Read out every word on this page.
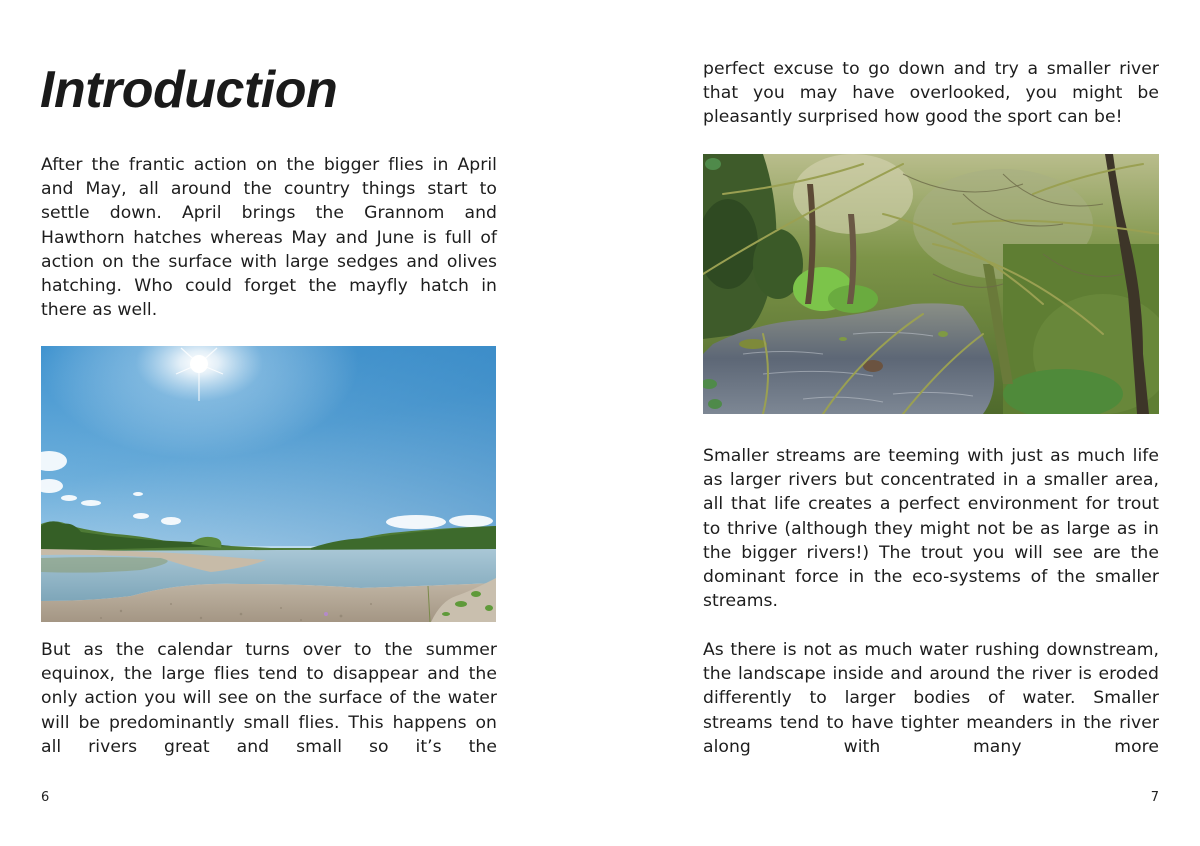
Introduction

After the frantic action on the bigger flies in April and May, all around the country things start to settle down. April brings the Grannom and Hawthorn hatches whereas May and June is full of action on the surface with large sedges and olives hatching. Who could forget the mayfly hatch in there as well.

But as the calendar turns over to the summer equinox, the large flies tend to disappear and the only action you will see on the surface of the water will be predominantly small flies. This happens on all rivers great and small so it’s the

6

perfect excuse to go down and try a smaller river that you may have overlooked, you might be pleasantly surprised how good the sport can be!

Smaller streams are teeming with just as much life as larger rivers but concentrated in a smaller area, all that life creates a perfect environment for trout to thrive (although they might not be as large as in the bigger rivers!) The trout you will see are the dominant force in the eco-systems of the smaller streams.

As there is not as much water rushing downstream, the landscape inside and around the river is eroded differently to larger bodies of water. Smaller streams tend to have tighter meanders in the river along with many more

7
